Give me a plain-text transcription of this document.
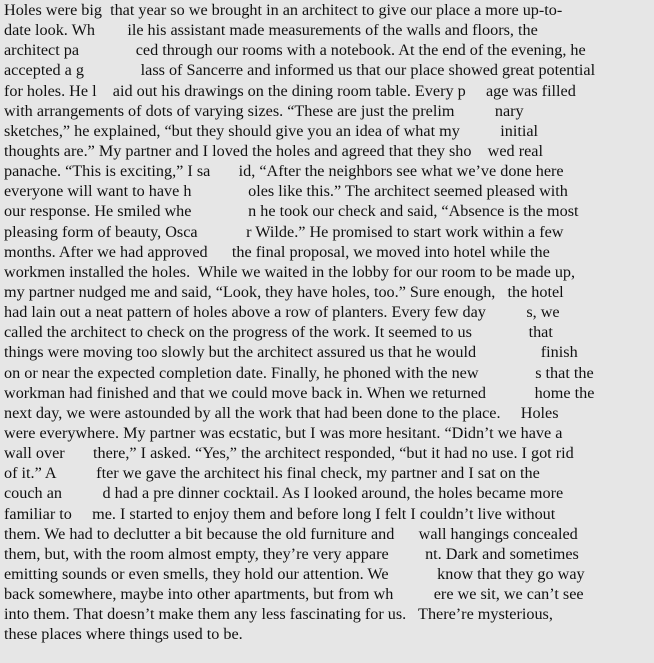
Holes were big  that year so we brought in an architect to give our place a more up-to-
date look. Wh        ile his assistant made measurements of the walls and floors, the
architect pa              ced through our rooms with a notebook. At the end of the evening, he
accepted a g              lass of Sancerre and informed us that our place showed great potential
for holes. He l    aid out his drawings on the dining room table. Every p     age was filled
with arrangements of dots of varying sizes. “These are just the prelim          nary
sketches,” he explained, “but they should give you an idea of what my          initial
thoughts are.” My partner and I loved the holes and agreed that they sho    wed real
panache. “This is exciting,” I sa       id, “After the neighbors see what we’ve done here
everyone will want to have h              oles like this.” The architect seemed pleased with
our response. He smiled whe              n he took our check and said, “Absence is the most
pleasing form of beauty, Osca            r Wilde.” He promised to start work within a few
months. After we had approved      the final proposal, we moved into hotel while the
workmen installed the holes.  While we waited in the lobby for our room to be made up,
my partner nudged me and said, “Look, they have holes, too.” Sure enough,   the hotel
had lain out a neat pattern of holes above a row of planters. Every few day          s, we
called the architect to check on the progress of the work. It seemed to us              that
things were moving too slowly but the architect assured us that he would                finish
on or near the expected completion date. Finally, he phoned with the new              s that the
workman had finished and that we could move back in. When we returned            home the
next day, we were astounded by all the work that had been done to the place.     Holes
were everywhere. My partner was ecstatic, but I was more hesitant. “Didn’t we have a
wall over       there,” I asked. “Yes,” the architect responded, “but it had no use. I got rid
of it.” A          fter we gave the architect his final check, my partner and I sat on the
couch an          d had a pre dinner cocktail. As I looked around, the holes became more
familiar to     me. I started to enjoy them and before long I felt I couldn’t live without
them. We had to declutter a bit because the old furniture and      wall hangings concealed
them, but, with the room almost empty, they’re very appare         nt. Dark and sometimes
emitting sounds or even smells, they hold our attention. We            know that they go way
back somewhere, maybe into other apartments, but from wh          ere we sit, we can’t see
into them. That doesn’t make them any less fascinating for us.   There’re mysterious,
these places where things used to be.
